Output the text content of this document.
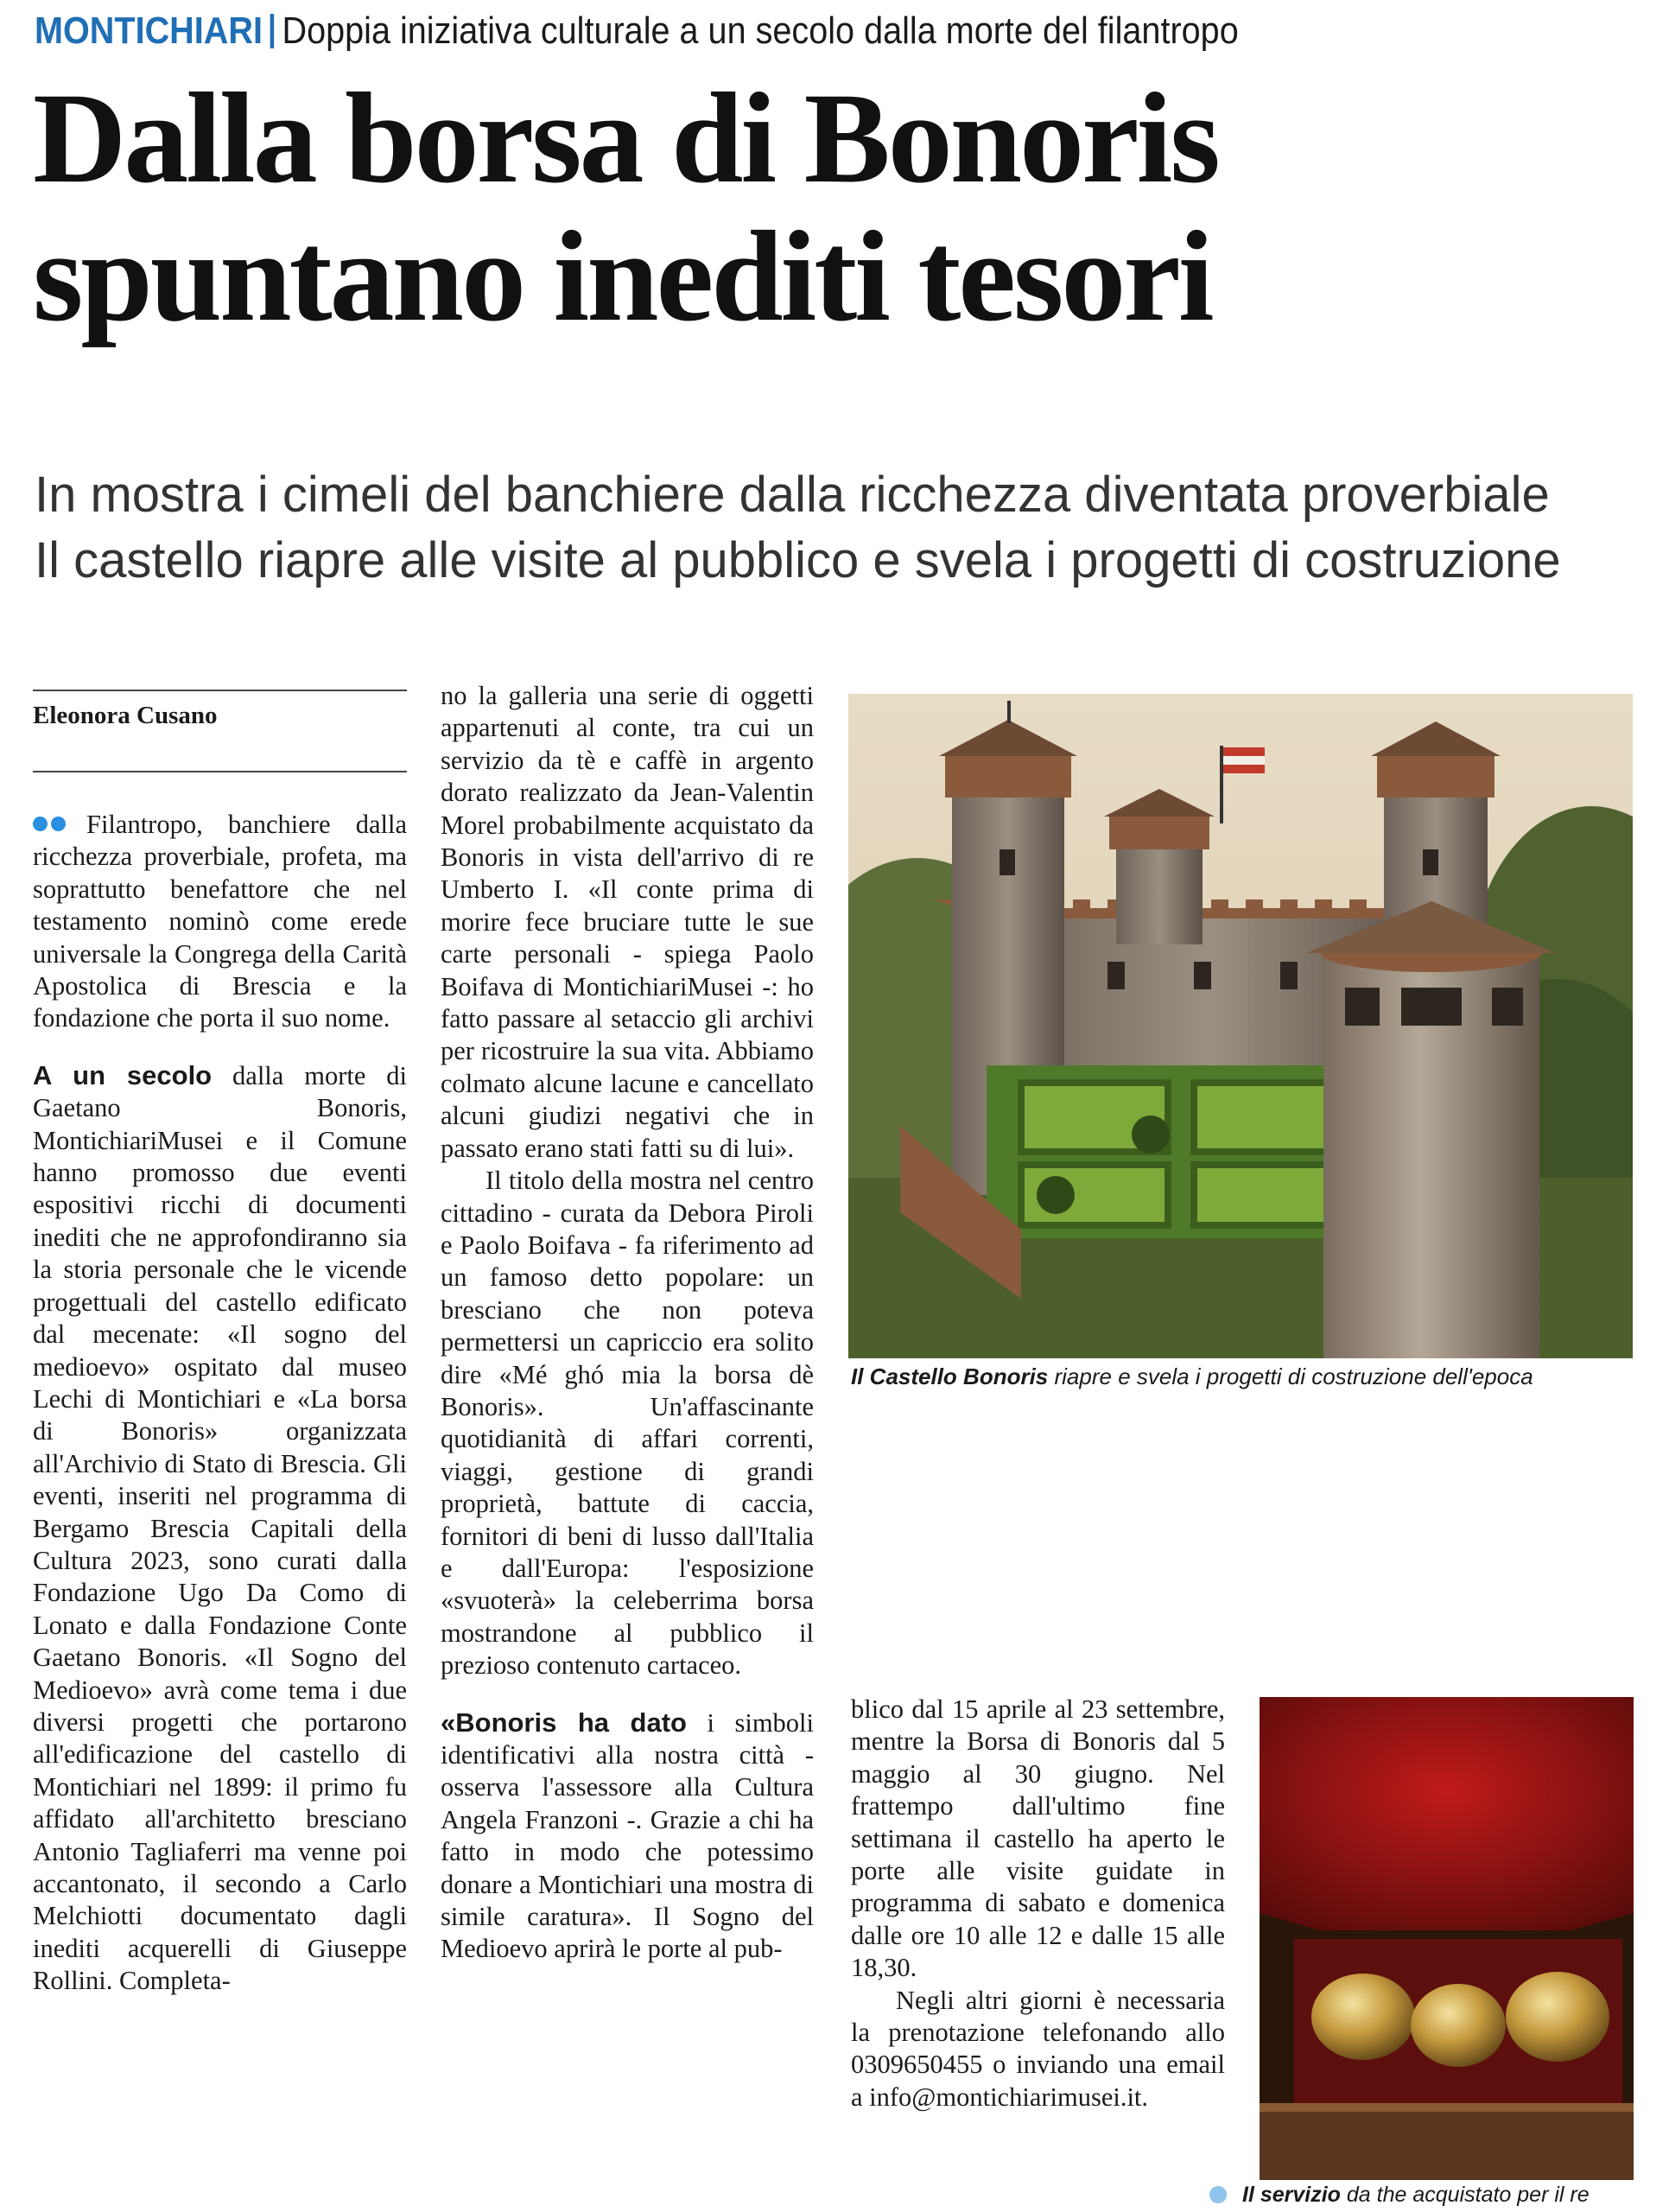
MONTICHIARI Doppia iniziativa culturale a un secolo dalla morte del filantropo
Dalla borsa di Bonoris
spuntano inediti tesori
In mostra i cimeli del banchiere dalla ricchezza diventata proverbiale
Il castello riapre alle visite al pubblico e svela i progetti di costruzione
Eleonora Cusano

Filantropo, banchiere dalla ricchezza proverbiale, profeta, ma soprattutto benefattore che nel testamento nominò come erede universale la Congrega della Carità Apostolica di Brescia e la fondazione che porta il suo nome.

A un secolo dalla morte di Gaetano Bonoris, MontichiariMusei e il Comune hanno promosso due eventi espositivi ricchi di documenti inediti che ne approfondiranno sia la storia personale che le vicende progettuali del castello edificato dal mecenate: «Il sogno del medioevo» ospitato dal museo Lechi di Montichiari e «La borsa di Bonoris» organizzata all'Archivio di Stato di Brescia. Gli eventi, inseriti nel programma di Bergamo Brescia Capitali della Cultura 2023, sono curati dalla Fondazione Ugo Da Como di Lonato e dalla Fondazione Conte Gaetano Bonoris. «Il Sogno del Medioevo» avrà come tema i due diversi progetti che portarono all'edificazione del castello di Montichiari nel 1899: il primo fu affidato all'architetto bresciano Antonio Tagliaferri ma venne poi accantonato, il secondo a Carlo Melchiotti documentato dagli inediti acquerelli di Giuseppe Rollini. Completa-

no la galleria una serie di oggetti appartenuti al conte, tra cui un servizio da tè e caffè in argento dorato realizzato da Jean-Valentin Morel probabilmente acquistato da Bonoris in vista dell'arrivo di re Umberto I. «Il conte prima di morire fece bruciare tutte le sue carte personali - spiega Paolo Boifava di MontichiariMusei -: ho fatto passare al setaccio gli archivi per ricostruire la sua vita. Abbiamo colmato alcune lacune e cancellato alcuni giudizi negativi che in passato erano stati fatti su di lui».

Il titolo della mostra nel centro cittadino - curata da Debora Piroli e Paolo Boifava - fa riferimento ad un famoso detto popolare: un bresciano che non poteva permettersi un capriccio era solito dire «Mé ghó mia la borsa dè Bonoris». Un'affascinante quotidianità di affari correnti, viaggi, gestione di grandi proprietà, battute di caccia, fornitori di beni di lusso dall'Italia e dall'Europa: l'esposizione «svuoterà» la celeberrima borsa mostrandone al pubblico il prezioso contenuto cartaceo.

«Bonoris ha dato i simboli identificativi alla nostra città - osserva l'assessore alla Cultura Angela Franzoni -. Grazie a chi ha fatto in modo che potessimo donare a Montichiari una mostra di simile caratura». Il Sogno del Medioevo aprirà le porte al pub-

blico dal 15 aprile al 23 settembre, mentre la Borsa di Bonoris dal 5 maggio al 30 giugno. Nel frattempo dall'ultimo fine settimana il castello ha aperto le porte alle visite guidate in programma di sabato e domenica dalle ore 10 alle 12 e dalle 15 alle 18,30.

Negli altri giorni è necessaria la prenotazione telefonando allo 0309650455 o inviando una email a info@montichiarimusei.it.

Il Castello Bonoris riapre e svela i progetti di costruzione dell'epoca
Il servizio da the acquistato per il re
